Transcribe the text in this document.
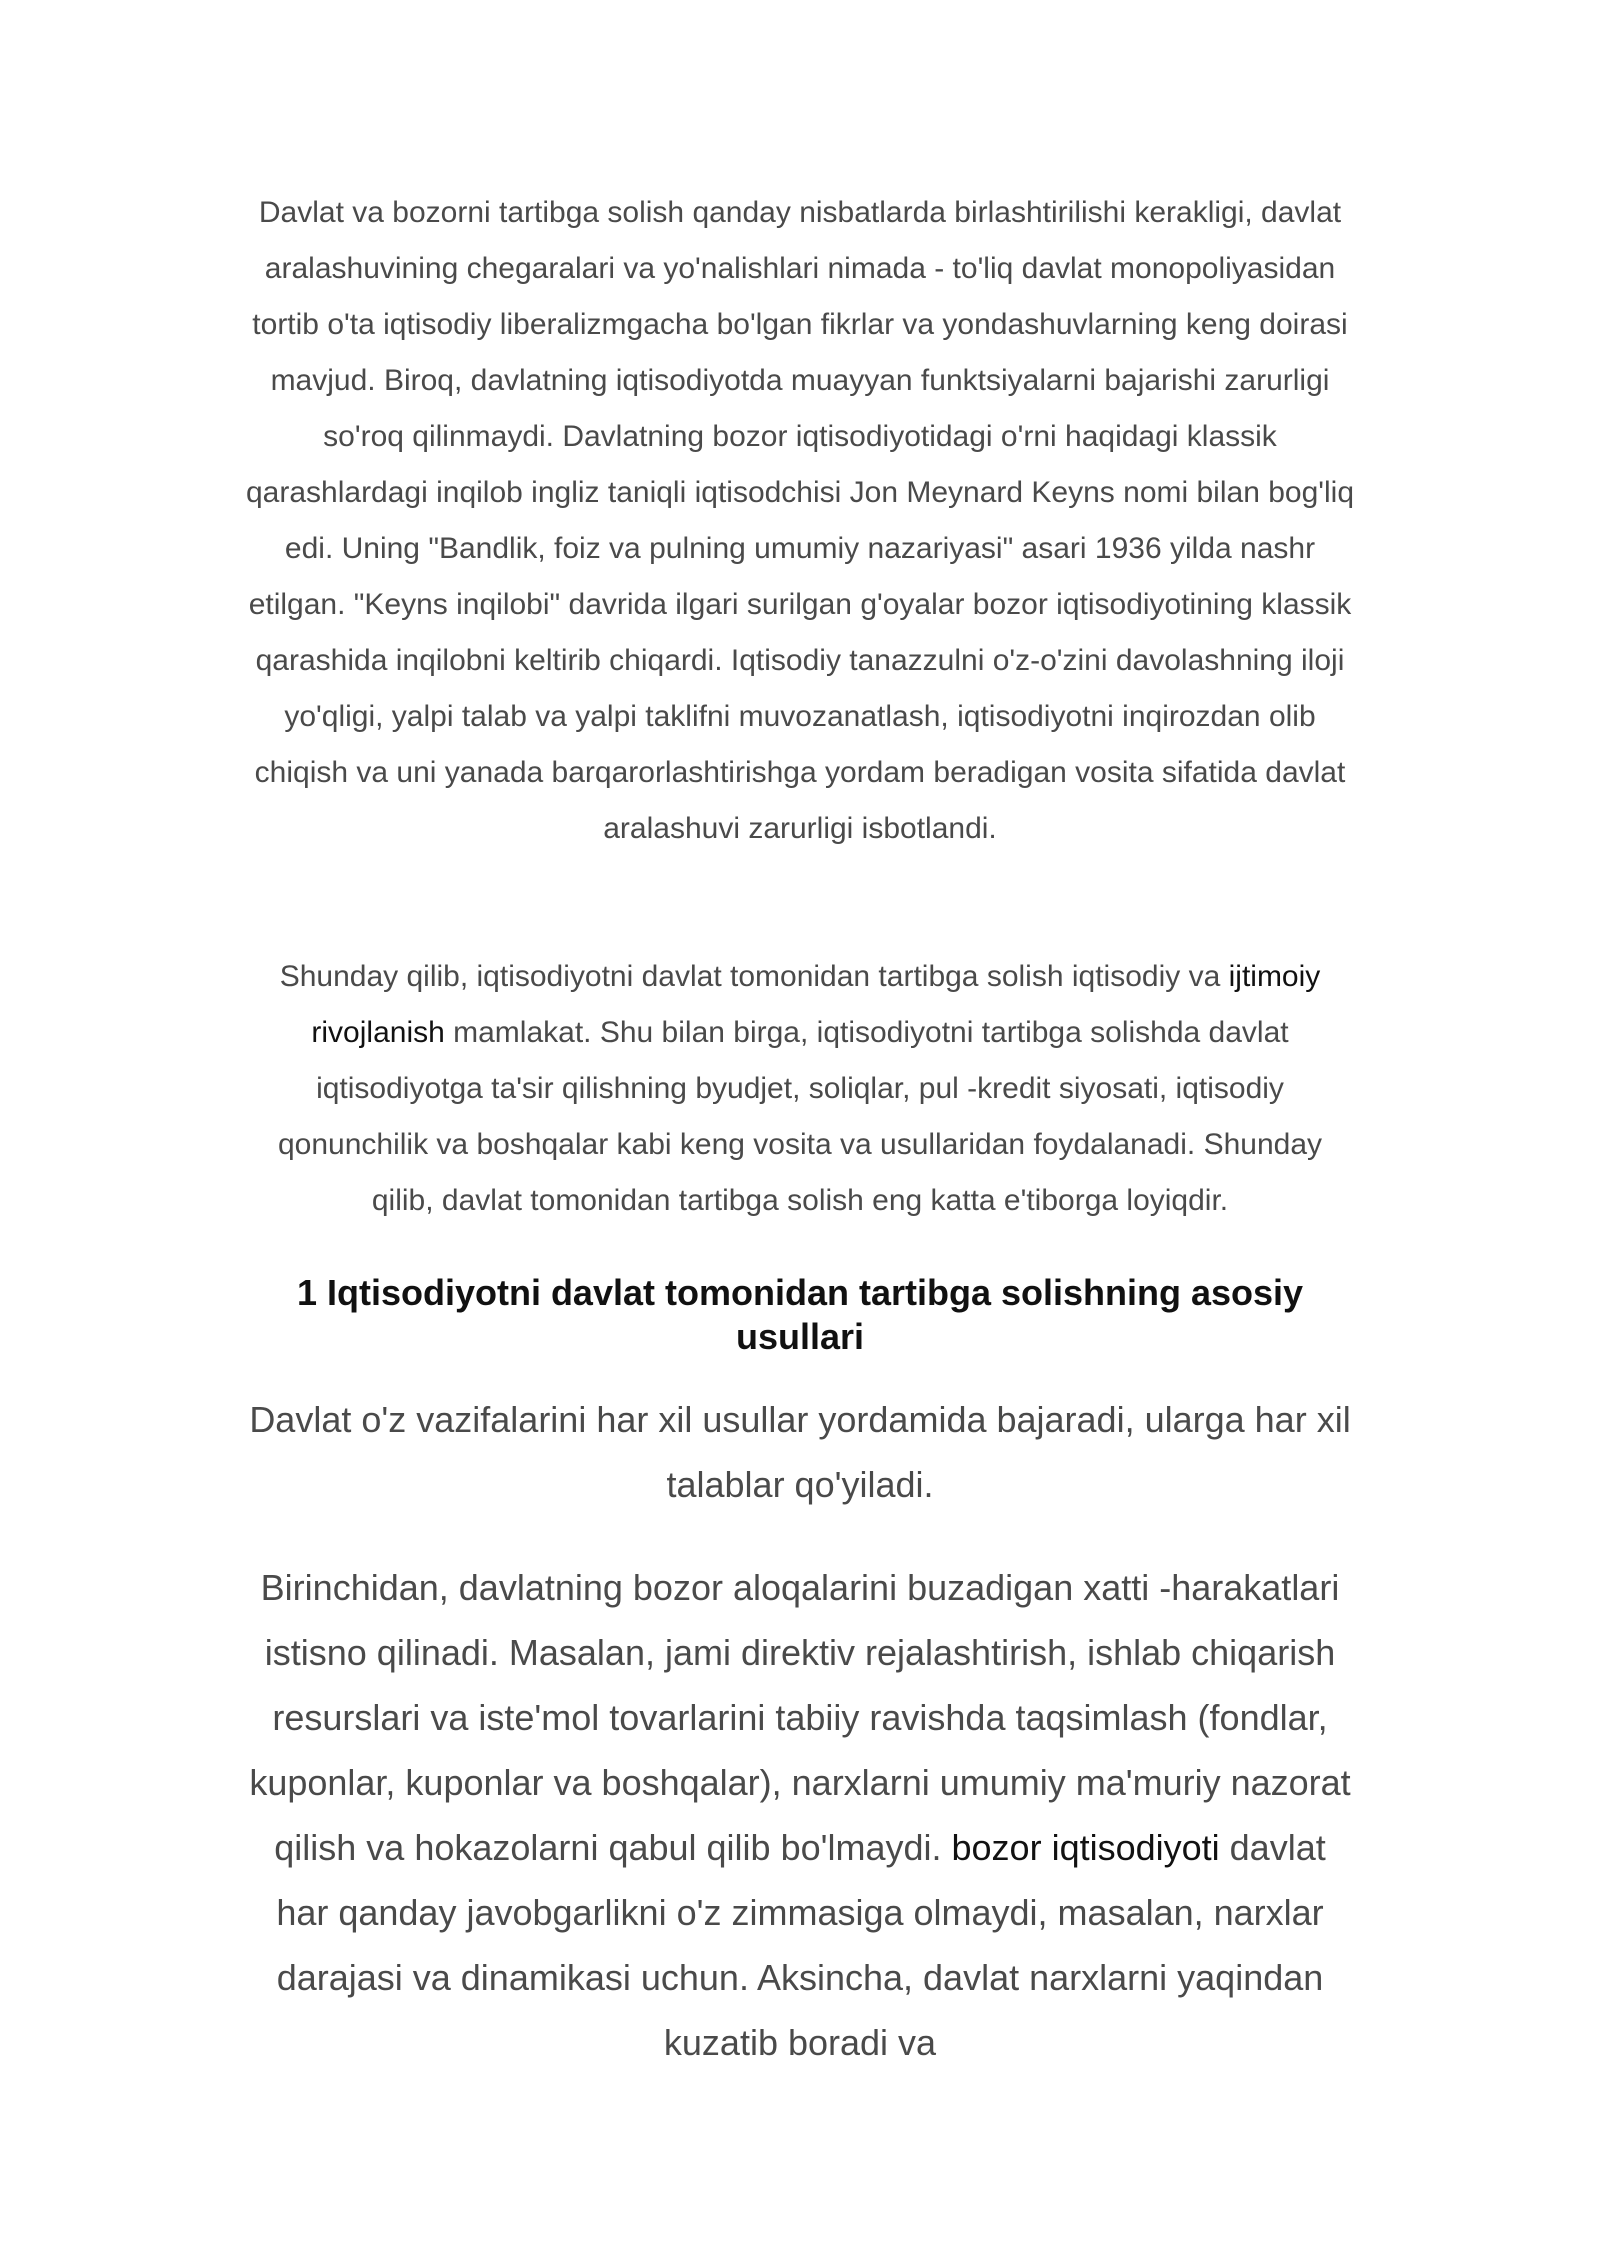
Davlat va bozorni tartibga solish qanday nisbatlarda birlashtirilishi kerakligi, davlat aralashuvining chegaralari va yo'nalishlari nimada - to'liq davlat monopoliyasidan tortib o'ta iqtisodiy liberalizmgacha bo'lgan fikrlar va yondashuvlarning keng doirasi mavjud. Biroq, davlatning iqtisodiyotda muayyan funktsiyalarni bajarishi zarurligi so'roq qilinmaydi. Davlatning bozor iqtisodiyotidagi o'rni haqidagi klassik qarashlardagi inqilob ingliz taniqli iqtisodchisi Jon Meynard Keyns nomi bilan bog'liq edi. Uning "Bandlik, foiz va pulning umumiy nazariyasi" asari 1936 yilda nashr etilgan. "Keyns inqilobi" davrida ilgari surilgan g'oyalar bozor iqtisodiyotining klassik qarashida inqilobni keltirib chiqardi. Iqtisodiy tanazzulni o'z-o'zini davolashning iloji yo'qligi, yalpi talab va yalpi taklifni muvozanatlash, iqtisodiyotni inqirozdan olib chiqish va uni yanada barqarorlashtirishga yordam beradigan vosita sifatida davlat aralashuvi zarurligi isbotlandi.

Shunday qilib, iqtisodiyotni davlat tomonidan tartibga solish iqtisodiy va ijtimoiy rivojlanish mamlakat. Shu bilan birga, iqtisodiyotni tartibga solishda davlat iqtisodiyotga ta'sir qilishning byudjet, soliqlar, pul -kredit siyosati, iqtisodiy qonunchilik va boshqalar kabi keng vosita va usullaridan foydalanadi. Shunday qilib, davlat tomonidan tartibga solish eng katta e'tiborga loyiqdir.

1 Iqtisodiyotni davlat tomonidan tartibga solishning asosiy usullari

Davlat o'z vazifalarini har xil usullar yordamida bajaradi, ularga har xil talablar qo'yiladi.

Birinchidan, davlatning bozor aloqalarini buzadigan xatti -harakatlari istisno qilinadi. Masalan, jami direktiv rejalashtirish, ishlab chiqarish resurslari va iste'mol tovarlarini tabiiy ravishda taqsimlash (fondlar, kuponlar, kuponlar va boshqalar), narxlarni umumiy ma'muriy nazorat qilish va hokazolarni qabul qilib bo'lmaydi. bozor iqtisodiyoti davlat har qanday javobgarlikni o'z zimmasiga olmaydi, masalan, narxlar darajasi va dinamikasi uchun. Aksincha, davlat narxlarni yaqindan kuzatib boradi va
